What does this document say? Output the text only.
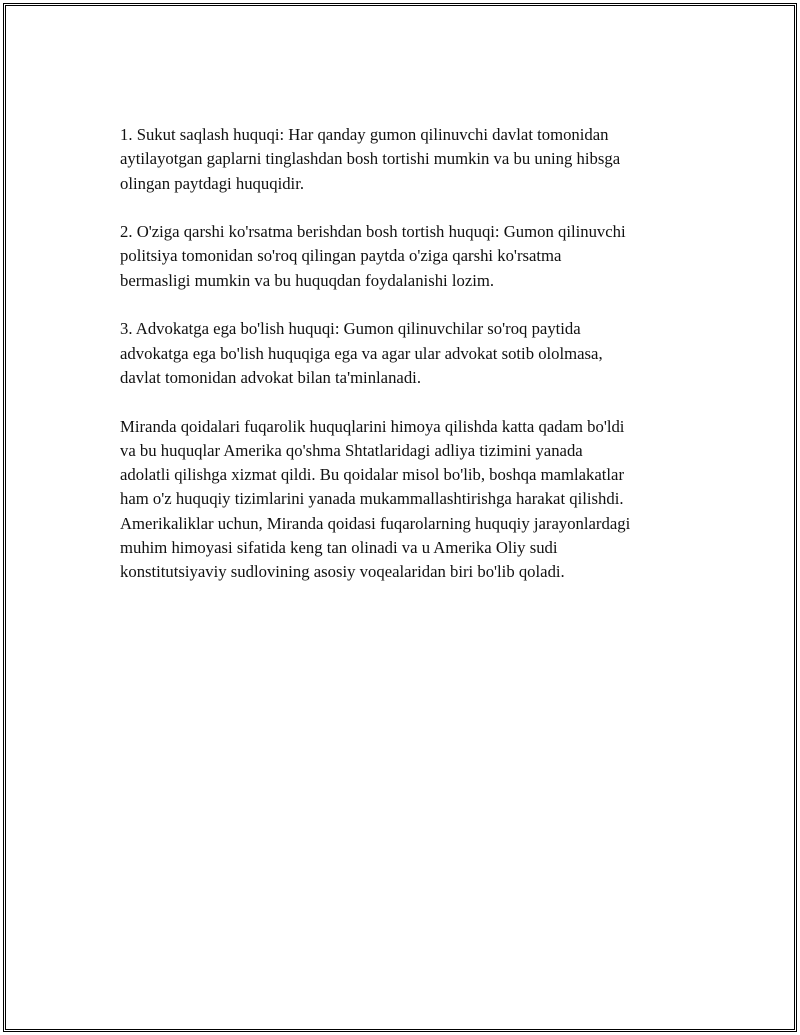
1. Sukut saqlash huquqi: Har qanday gumon qilinuvchi davlat tomonidan
aytilayotgan gaplarni tinglashdan bosh tortishi mumkin va bu uning hibsga
olingan paytdagi huquqidir.

2. O'ziga qarshi ko'rsatma berishdan bosh tortish huquqi: Gumon qilinuvchi
politsiya tomonidan so'roq qilingan paytda o'ziga qarshi ko'rsatma
bermasligi mumkin va bu huquqdan foydalanishi lozim.

3. Advokatga ega bo'lish huquqi: Gumon qilinuvchilar so'roq paytida
advokatga ega bo'lish huquqiga ega va agar ular advokat sotib ololmasa,
davlat tomonidan advokat bilan ta'minlanadi.

Miranda qoidalari fuqarolik huquqlarini himoya qilishda katta qadam bo'ldi
va bu huquqlar Amerika qo'shma Shtatlaridagi adliya tizimini yanada
adolatli qilishga xizmat qildi. Bu qoidalar misol bo'lib, boshqa mamlakatlar
ham o'z huquqiy tizimlarini yanada mukammallashtirishga harakat qilishdi.
Amerikaliklar uchun, Miranda qoidasi fuqarolarning huquqiy jarayonlardagi
muhim himoyasi sifatida keng tan olinadi va u Amerika Oliy sudi
konstitutsiyaviy sudlovining asosiy voqealaridan biri bo'lib qoladi.
